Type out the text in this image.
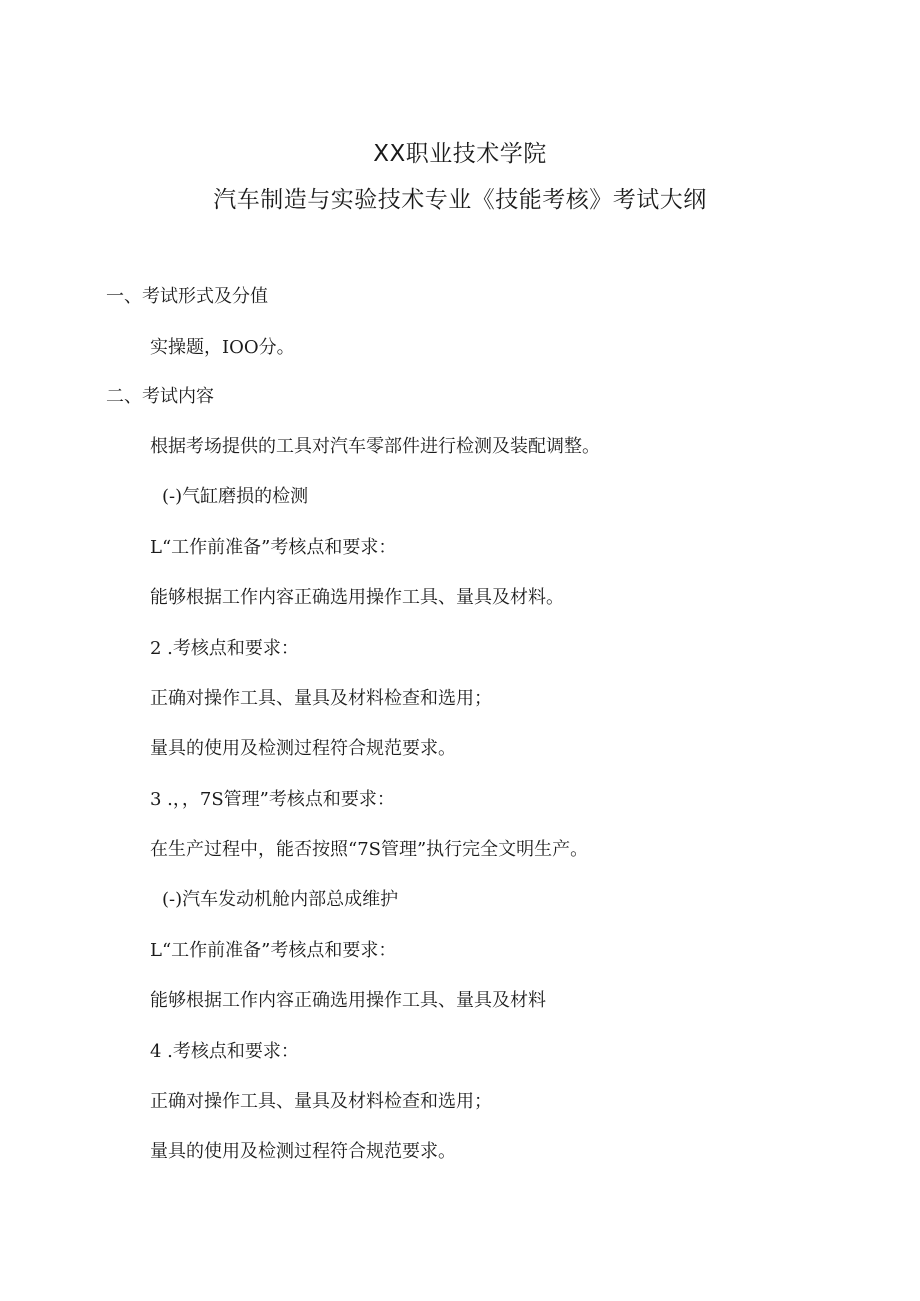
XX职业技术学院
汽车制造与实验技术专业《技能考核》考试大纲
一、考试形式及分值
实操题，IOO分。
二、考试内容
根据考场提供的工具对汽车零部件进行检测及装配调整。
(-)气缸磨损的检测
L“工作前准备”考核点和要求：
能够根据工作内容正确选用操作工具、量具及材料。
2 .考核点和要求：
正确对操作工具、量具及材料检查和选用；
量具的使用及检测过程符合规范要求。
3 .，，7S管理”考核点和要求：
在生产过程中，能否按照“7S管理”执行完全文明生产。
(-)汽车发动机舱内部总成维护
L“工作前准备”考核点和要求：
能够根据工作内容正确选用操作工具、量具及材料
4 .考核点和要求：
正确对操作工具、量具及材料检查和选用；
量具的使用及检测过程符合规范要求。
